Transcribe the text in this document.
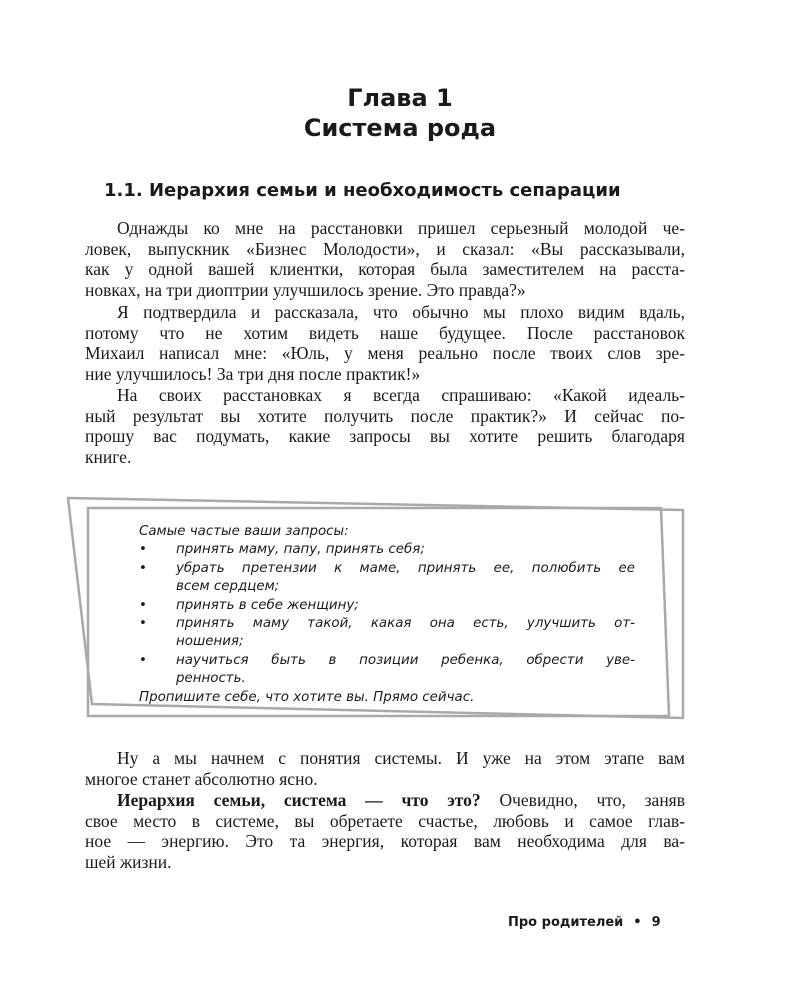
Глава 1
Система рода
1.1. Иерархия семьи и необходимость сепарации
Однажды ко мне на расстановки пришел серьезный молодой че-
ловек, выпускник «Бизнес Молодости», и сказал: «Вы рассказывали,
как у одной вашей клиентки, которая была заместителем на расста-
новках, на три диоптрии улучшилось зрение. Это правда?»
Я подтвердила и рассказала, что обычно мы плохо видим вдаль,
потому что не хотим видеть наше будущее. После расстановок
Михаил написал мне: «Юль, у меня реально после твоих слов зре-
ние улучшилось! За три дня после практик!»
На своих расстановках я всегда спрашиваю: «Какой идеаль-
ный результат вы хотите получить после практик?» И сейчас по-
прошу вас подумать, какие запросы вы хотите решить благодаря
книге.
Самые частые ваши запросы:
• принять маму, папу, принять себя;
• убрать претензии к маме, принять ее, полюбить ее
всем сердцем;
• принять в себе женщину;
• принять маму такой, какая она есть, улучшить от-
ношения;
• научиться быть в позиции ребенка, обрести уве-
ренность.
Пропишите себе, что хотите вы. Прямо сейчас.
Ну а мы начнем с понятия системы. И уже на этом этапе вам
многое станет абсолютно ясно.
Иерархия семьи, система — что это? Очевидно, что, заняв
свое место в системе, вы обретаете счастье, любовь и самое глав-
ное — энергию. Это та энергия, которая вам необходима для ва-
шей жизни.
Про родителей • 9
